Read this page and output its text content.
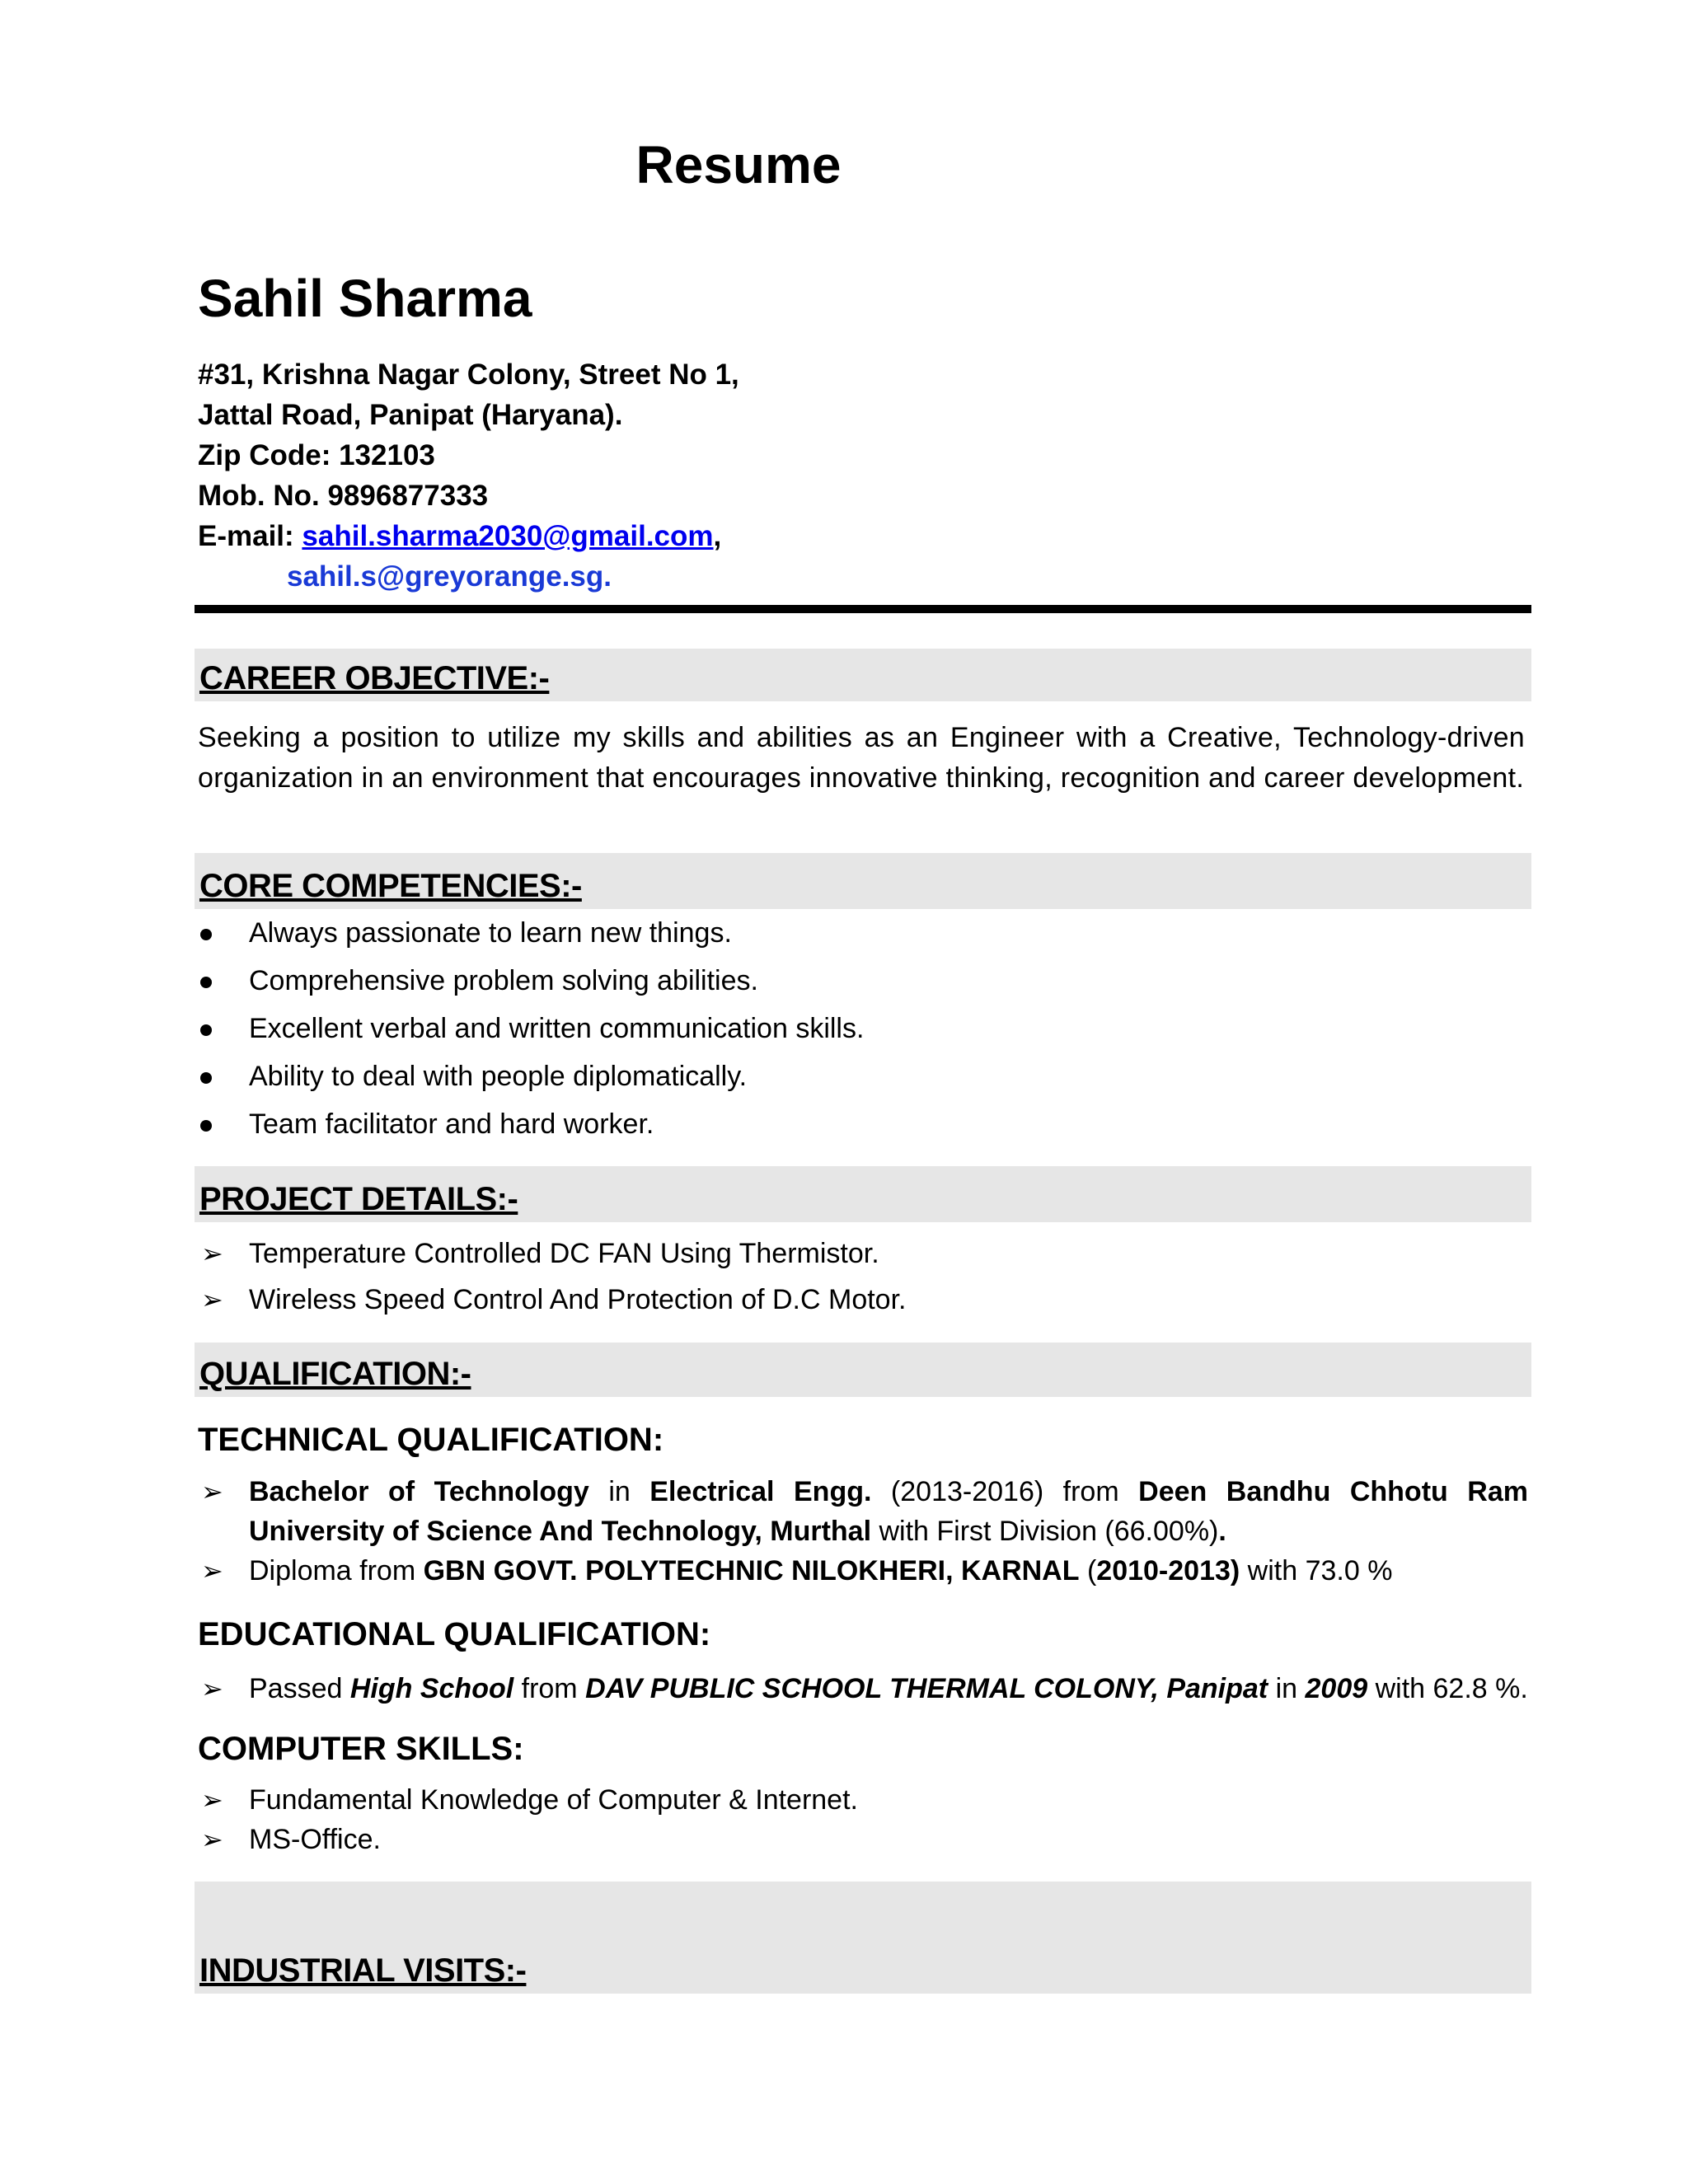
Resume
Sahil Sharma
#31, Krishna Nagar Colony, Street No 1,
Jattal Road, Panipat (Haryana).
Zip Code: 132103
Mob. No. 9896877333
E-mail: sahil.sharma2030@gmail.com,
sahil.s@greyorange.sg.
CAREER OBJECTIVE:-
Seeking a position to utilize my skills and abilities as an Engineer with a Creative, Technology-driven organization in an environment that encourages innovative thinking, recognition and career development.
CORE COMPETENCIES:-
Always passionate to learn new things.
Comprehensive problem solving abilities.
Excellent verbal and written communication skills.
Ability to deal with people diplomatically.
Team facilitator and hard worker.
PROJECT DETAILS:-
➢ Temperature Controlled DC FAN Using Thermistor.
➢ Wireless Speed Control And Protection of D.C Motor.
QUALIFICATION:-
TECHNICAL QUALIFICATION:
➢ Bachelor of Technology in Electrical Engg. (2013-2016) from Deen Bandhu Chhotu Ram University of Science And Technology, Murthal with First Division (66.00%).
➢ Diploma from GBN GOVT. POLYTECHNIC NILOKHERI, KARNAL (2010-2013) with 73.0 %
EDUCATIONAL QUALIFICATION:
➢ Passed High School from DAV PUBLIC SCHOOL THERMAL COLONY, Panipat in 2009 with 62.8 %.
COMPUTER SKILLS:
➢ Fundamental Knowledge of Computer & Internet.
➢ MS-Office.
INDUSTRIAL VISITS:-
